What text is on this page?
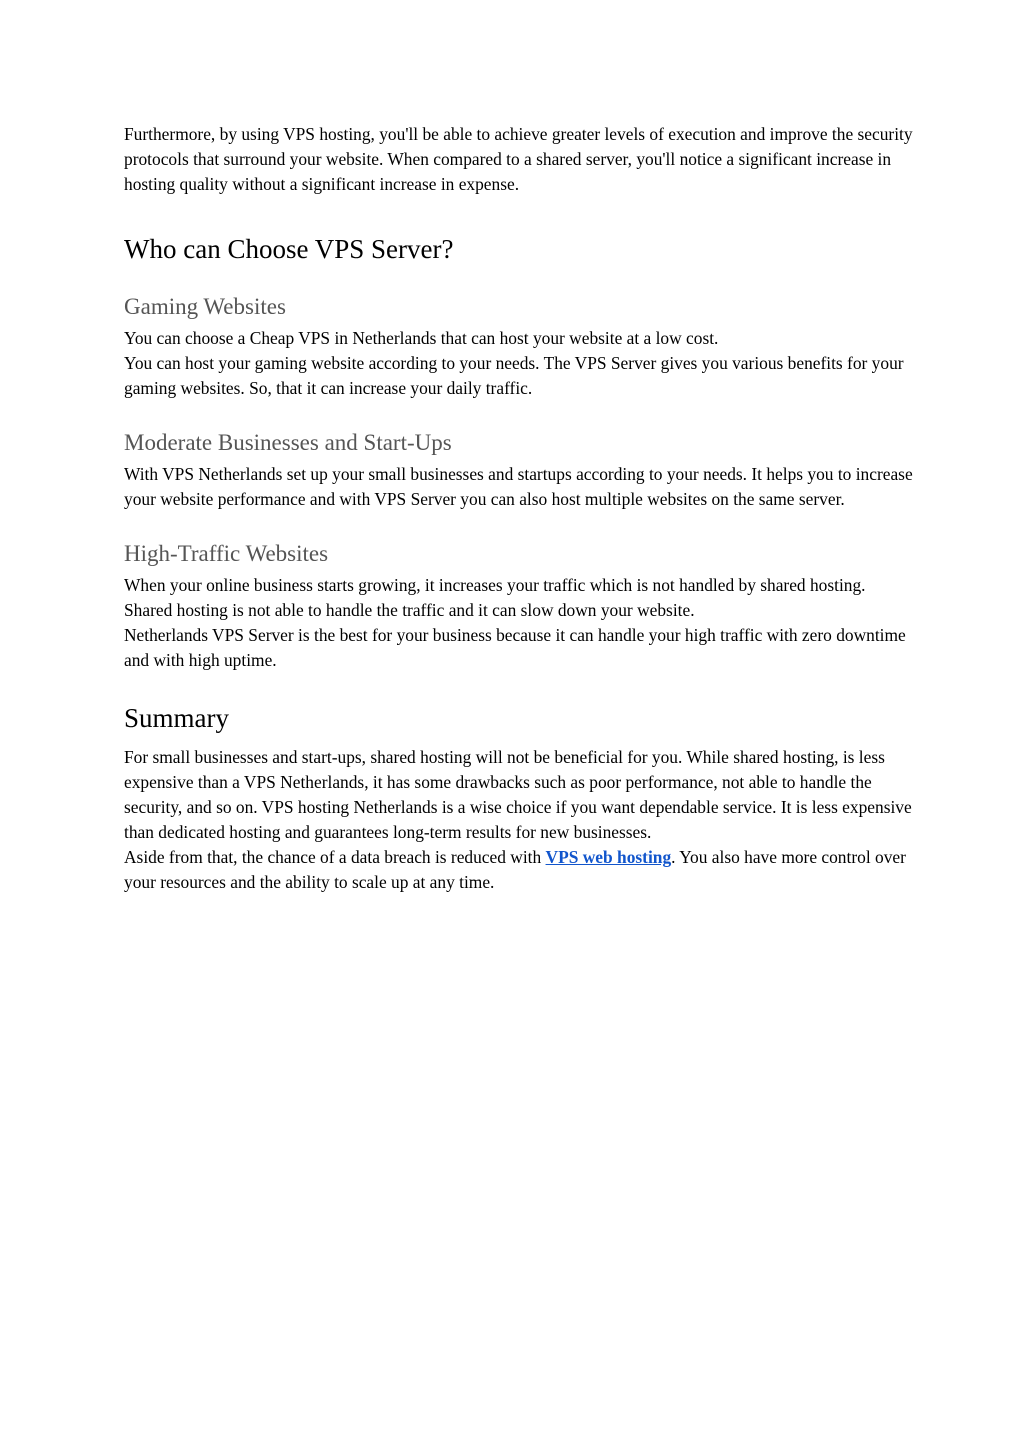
Furthermore, by using VPS hosting, you'll be able to achieve greater levels of execution and improve the security protocols that surround your website. When compared to a shared server, you'll notice a significant increase in hosting quality without a significant increase in expense.

Who can Choose VPS Server?
Gaming Websites

You can choose a Cheap VPS in Netherlands that can host your website at a low cost.

You can host your gaming website according to your needs. The VPS Server gives you various benefits for your gaming websites. So, that it can increase your daily traffic.

Moderate Businesses and Start-Ups

With VPS Netherlands set up your small businesses and startups according to your needs. It helps you to increase your website performance and with VPS Server you can also host multiple websites on the same server.

High-Traffic Websites

When your online business starts growing, it increases your traffic which is not handled by shared hosting. Shared hosting is not able to handle the traffic and it can slow down your website.

Netherlands VPS Server is the best for your business because it can handle your high traffic with zero downtime and with high uptime.

Summary

For small businesses and start-ups, shared hosting will not be beneficial for you. While shared hosting, is less expensive than a VPS Netherlands, it has some drawbacks such as poor performance, not able to handle the security, and so on. VPS hosting Netherlands is a wise choice if you want dependable service. It is less expensive than dedicated hosting and guarantees long-term results for new businesses.

Aside from that, the chance of a data breach is reduced with VPS web hosting. You also have more control over your resources and the ability to scale up at any time.
